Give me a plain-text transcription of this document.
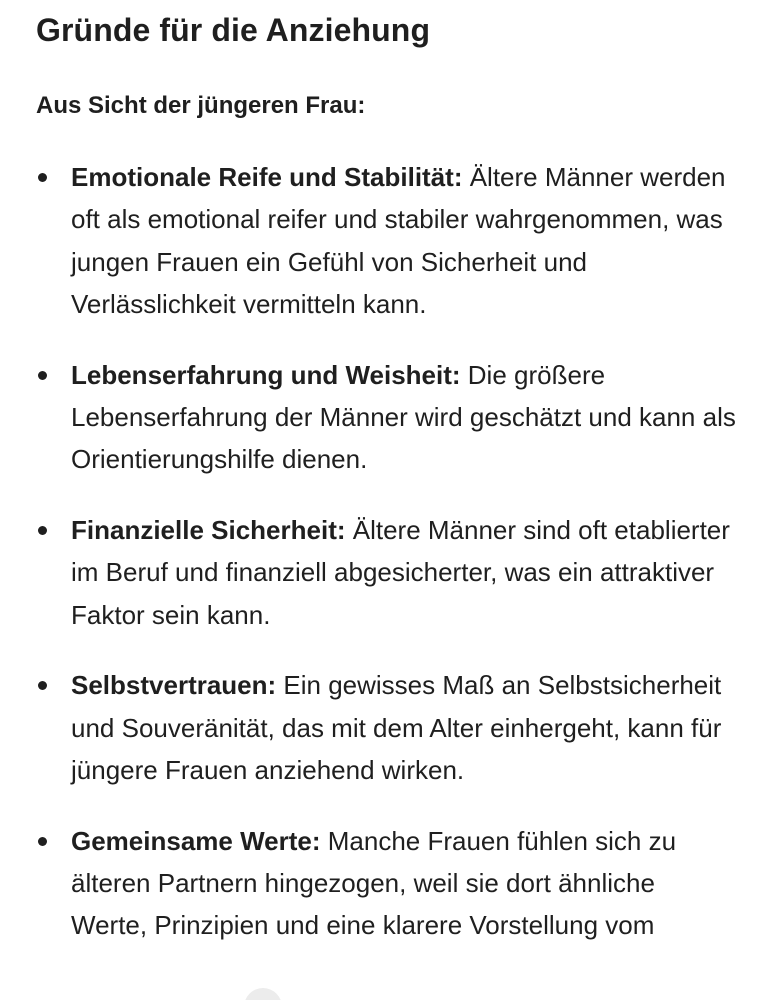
Gründe für die Anziehung
Aus Sicht der jüngeren Frau:
Emotionale Reife und Stabilität: Ältere Männer werden oft als emotional reifer und stabiler wahrgenommen, was jungen Frauen ein Gefühl von Sicherheit und Verlässlichkeit vermitteln kann.
Lebenserfahrung und Weisheit: Die größere Lebenserfahrung der Männer wird geschätzt und kann als Orientierungshilfe dienen.
Finanzielle Sicherheit: Ältere Männer sind oft etablierter im Beruf und finanziell abgesicherter, was ein attraktiver Faktor sein kann.
Selbstvertrauen: Ein gewisses Maß an Selbstsicherheit und Souveränität, das mit dem Alter einhergeht, kann für jüngere Frauen anziehend wirken.
Gemeinsame Werte: Manche Frauen fühlen sich zu älteren Partnern hingezogen, weil sie dort ähnliche Werte, Prinzipien und eine klarere Vorstellung vom
